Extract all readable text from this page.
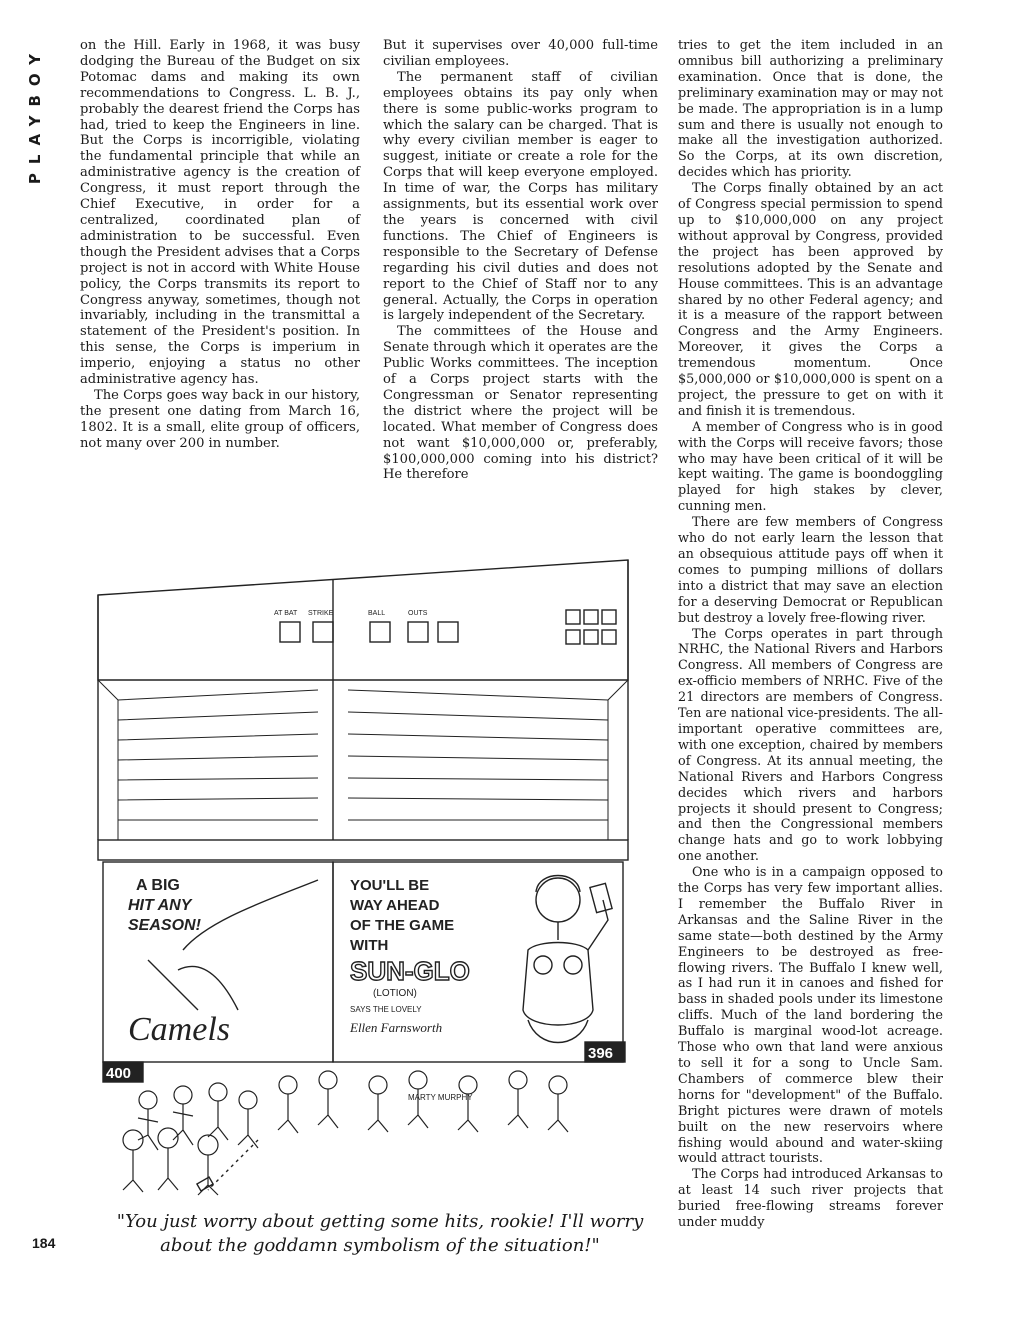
PLAYBOY	on the Hill. Early in 1968, it was busy dodging the Bureau of the Budget on six Potomac dams and making its own recommendations to Congress. L. B. J., probably the dearest friend the Corps has had, tried to keep the Engineers in line. But the Corps is incorrigible, violating the fundamental principle that while an administrative agency is the creation of Congress, it must report through the Chief Executive, in order for a centralized, coordinated plan of administration to be successful. Even though the President advises that a Corps project is not in accord with White House policy, the Corps transmits its report to Congress anyway, sometimes, though not invariably, including in the transmittal a statement of the President's position. In this sense, the Corps is imperium in imperio, enjoying a status no other administrative agency has.

The Corps goes way back in our history, the present one dating from March 16, 1802. It is a small, elite group of officers, not many over 200 in number.

But it supervises over 40,000 full-time civilian employees.

The permanent staff of civilian employees obtains its pay only when there is some public-works program to which the salary can be charged. That is why every civilian member is eager to suggest, initiate or create a role for the Corps that will keep everyone employed. In time of war, the Corps has military assignments, but its essential work over the years is concerned with civil functions. The Chief of Engineers is responsible to the Secretary of Defense regarding his civil duties and does not report to the Chief of Staff nor to any general. Actually, the Corps in operation is largely independent of the Secretary.

The committees of the House and Senate through which it operates are the Public Works committees. The inception of a Corps project starts with the Congressman or Senator representing the district where the project will be located. What member of Congress does not want $10,000,000 or, preferably, $100,000,000 coming into his district? He therefore

tries to get the item included in an omnibus bill authorizing a preliminary examination. Once that is done, the preliminary examination may or may not be made. The appropriation is in a lump sum and there is usually not enough to make all the investigation authorized. So the Corps, at its own discretion, decides which has priority.

The Corps finally obtained by an act of Congress special permission to spend up to $10,000,000 on any project without approval by Congress, provided the project has been approved by resolutions adopted by the Senate and House committees. This is an advantage shared by no other Federal agency; and it is a measure of the rapport between Congress and the Army Engineers. Moreover, it gives the Corps a tremendous momentum. Once $5,000,000 or $10,000,000 is spent on a project, the pressure to get on with it and finish it is tremendous.

A member of Congress who is in good with the Corps will receive favors; those who may have been critical of it will be kept waiting. The game is boondoggling played for high stakes by clever, cunning men.

There are few members of Congress who do not early learn the lesson that an obsequious attitude pays off when it comes to pumping millions of dollars into a district that may save an election for a deserving Democrat or Republican but destroy a lovely free-flowing river.

The Corps operates in part through NRHC, the National Rivers and Harbors Congress. All members of Congress are ex-officio members of NRHC. Five of the 21 directors are members of Congress. Ten are national vice-presidents. The all-important operative committees are, with one exception, chaired by members of Congress. At its annual meeting, the National Rivers and Harbors Congress decides which rivers and harbors projects it should present to Congress; and then the Congressional members change hats and go to work lobbying one another.

One who is in a campaign opposed to the Corps has very few important allies. I remember the Buffalo River in Arkansas and the Saline River in the same state—both destined by the Army Engineers to be destroyed as free-flowing rivers. The Buffalo I knew well, as I had run it in canoes and fished for bass in shaded pools under its limestone cliffs. Much of the land bordering the Buffalo is marginal wood-lot acreage. Those who own that land were anxious to sell it for a song to Uncle Sam. Chambers of commerce blew their horns for "development" of the Buffalo. Bright pictures were drawn of motels built on the new reservoirs where fishing would abound and water-skiing would attract tourists.

The Corps had introduced Arkansas to at least 14 such river projects that buried free-flowing streams forever under muddy

AT BAT STRIKE	BALL	OUTS
A BIG
HIT ANY
SEASON!
Camels
YOU'LL BE
WAY AHEAD
OF THE GAME
WITH
SUN-GLO
(LOTION)
SAYS THE LOVELY
Ellen Farnsworth
400
396
MARTY MURPHY
"You just worry about getting some hits, rookie! I'll worry about the goddamn symbolism of the situation!"
184
